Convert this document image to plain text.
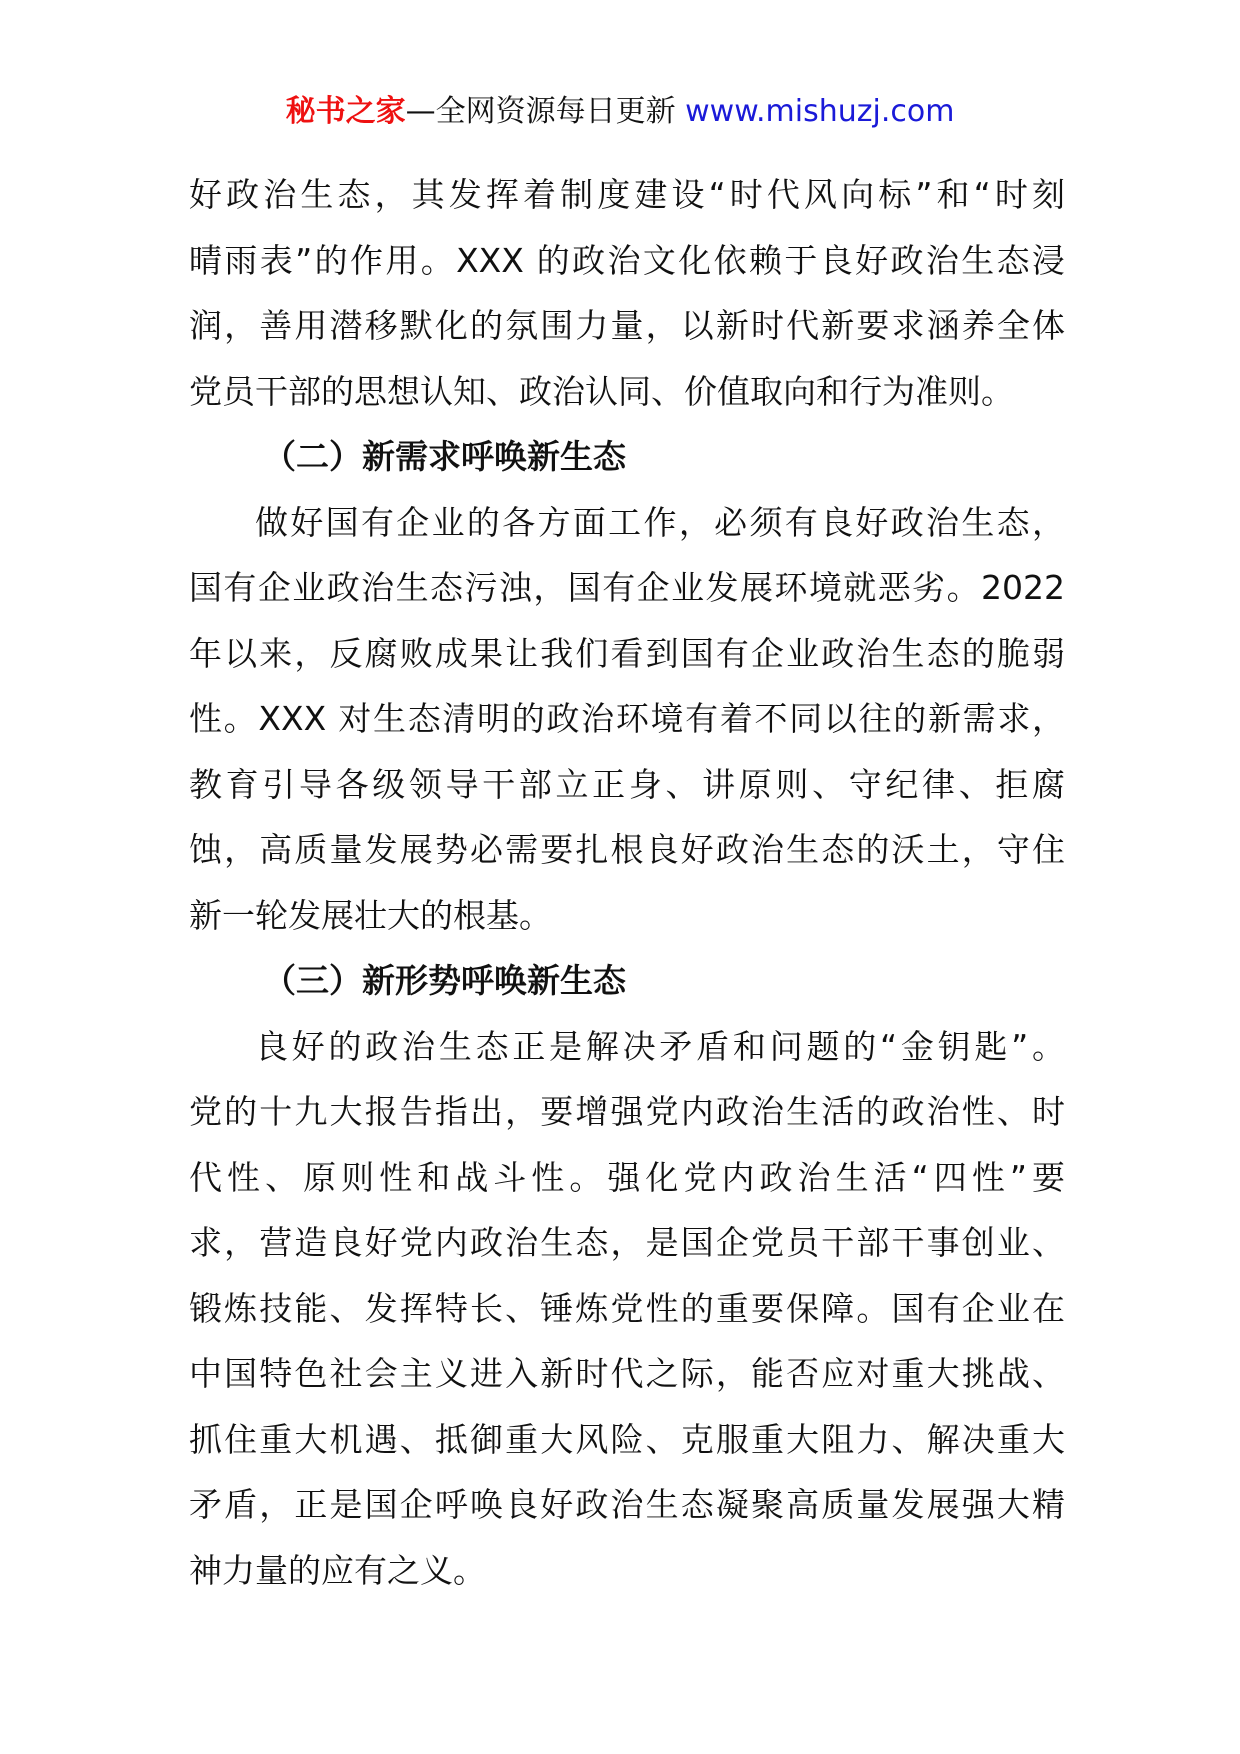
秘书之家—全网资源每日更新 www.mishuzj.com
好政治生态，其发挥着制度建设“时代风向标”和“时刻
晴雨表”的作用。XXX 的政治文化依赖于良好政治生态浸
润，善用潜移默化的氛围力量，以新时代新要求涵养全体
党员干部的思想认知、政治认同、价值取向和行为准则。
（二）新需求呼唤新生态
做好国有企业的各方面工作，必须有良好政治生态，
国有企业政治生态污浊，国有企业发展环境就恶劣。2022
年以来，反腐败成果让我们看到国有企业政治生态的脆弱
性。XXX 对生态清明的政治环境有着不同以往的新需求，
教育引导各级领导干部立正身、讲原则、守纪律、拒腐
蚀，高质量发展势必需要扎根良好政治生态的沃土，守住
新一轮发展壮大的根基。
（三）新形势呼唤新生态
良好的政治生态正是解决矛盾和问题的“金钥匙”。
党的十九大报告指出，要增强党内政治生活的政治性、时
代性、原则性和战斗性。强化党内政治生活“四性”要
求，营造良好党内政治生态，是国企党员干部干事创业、
锻炼技能、发挥特长、锤炼党性的重要保障。国有企业在
中国特色社会主义进入新时代之际，能否应对重大挑战、
抓住重大机遇、抵御重大风险、克服重大阻力、解决重大
矛盾，正是国企呼唤良好政治生态凝聚高质量发展强大精
神力量的应有之义。
